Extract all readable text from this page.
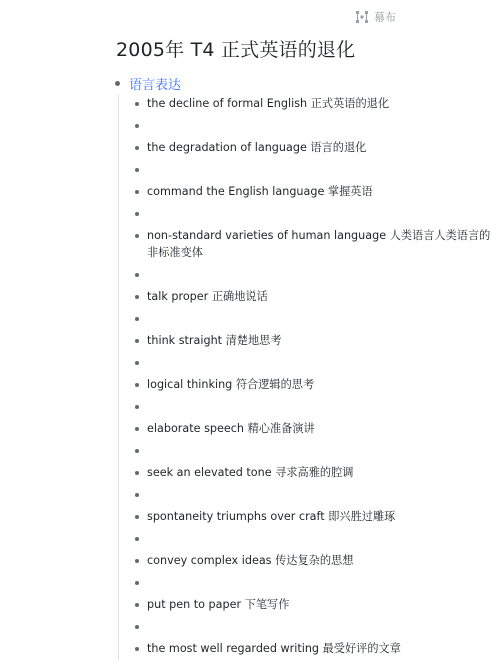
幕布
2005年 T4 正式英语的退化
语言表达
the decline of formal English 正式英语的退化
the degradation of language 语言的退化
command the English language 掌握英语
non-standard varieties of human language 人类语言人类语言的非标准变体
talk proper 正确地说话
think straight 清楚地思考
logical thinking 符合逻辑的思考
elaborate speech 精心准备演讲
seek an elevated tone 寻求高雅的腔调
spontaneity triumphs over craft 即兴胜过雕琢
convey complex ideas 传达复杂的思想
put pen to paper 下笔写作
the most well regarded writing 最受好评的文章
